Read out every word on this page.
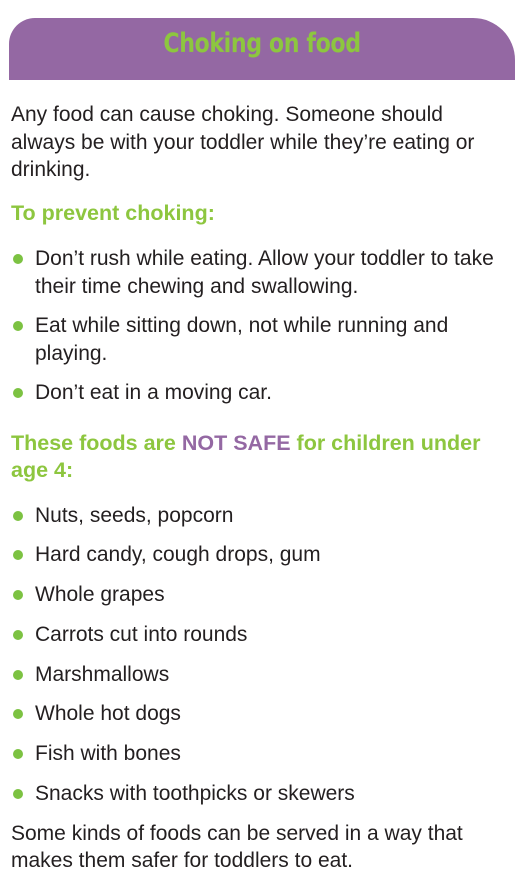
Choking on food

Any food can cause choking. Someone should always be with your toddler while they’re eating or drinking.

To prevent choking:

Don’t rush while eating. Allow your toddler to take their time chewing and swallowing.
Eat while sitting down, not while running and playing.
Don’t eat in a moving car.

These foods are NOT SAFE for children under age 4:

Nuts, seeds, popcorn
Hard candy, cough drops, gum
Whole grapes
Carrots cut into rounds
Marshmallows
Whole hot dogs
Fish with bones
Snacks with toothpicks or skewers

Some kinds of foods can be served in a way that makes them safer for toddlers to eat.
